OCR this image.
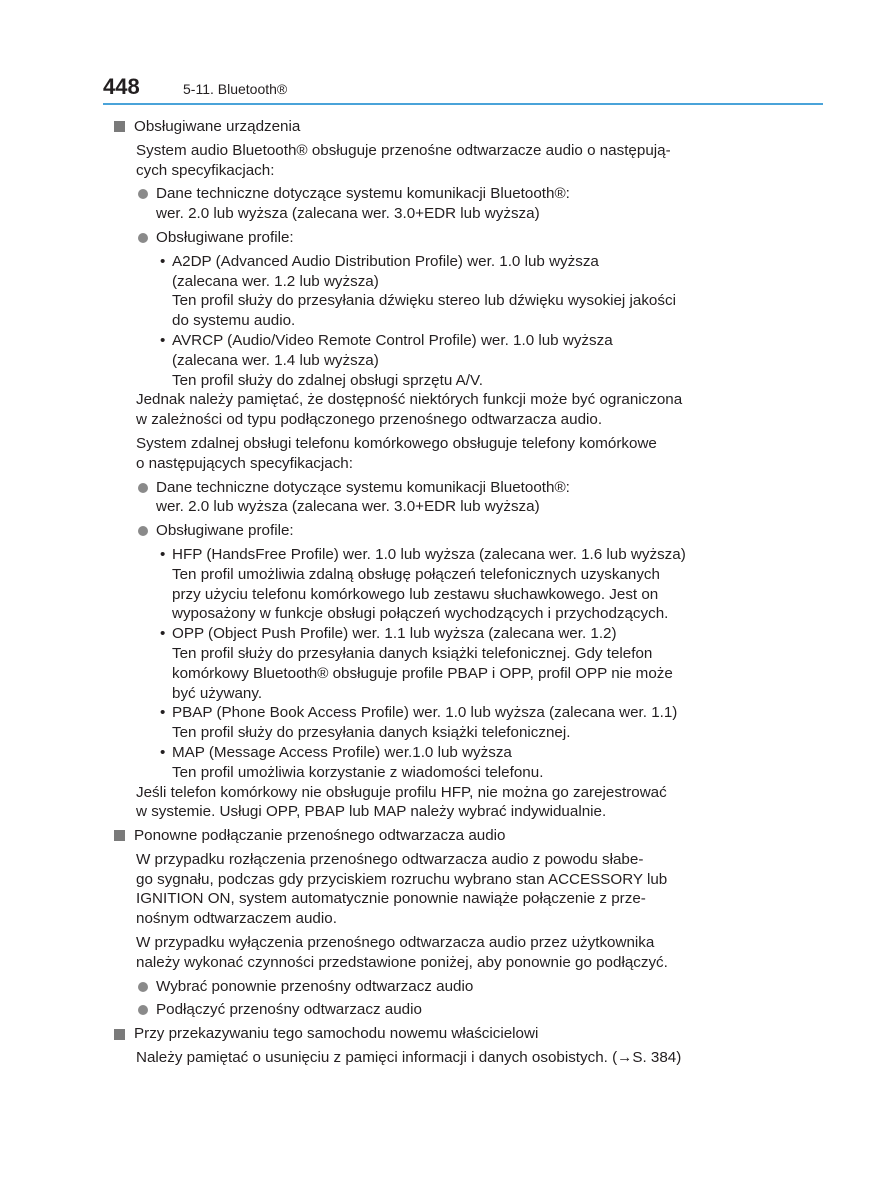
448	5-11. Bluetooth®

Obsługiwane urządzenia

System audio Bluetooth® obsługuje przenośne odtwarzacze audio o następują-
cych specyfikacjach:

Dane techniczne dotyczące systemu komunikacji Bluetooth®:
wer. 2.0 lub wyższa (zalecana wer. 3.0+EDR lub wyższa)

Obsługiwane profile:

• A2DP (Advanced Audio Distribution Profile) wer. 1.0 lub wyższa
(zalecana wer. 1.2 lub wyższa)
Ten profil służy do przesyłania dźwięku stereo lub dźwięku wysokiej jakości
do systemu audio.

• AVRCP (Audio/Video Remote Control Profile) wer. 1.0 lub wyższa
(zalecana wer. 1.4 lub wyższa)
Ten profil służy do zdalnej obsługi sprzętu A/V.

Jednak należy pamiętać, że dostępność niektórych funkcji może być ograniczona
w zależności od typu podłączonego przenośnego odtwarzacza audio.

System zdalnej obsługi telefonu komórkowego obsługuje telefony komórkowe
o następujących specyfikacjach:

Dane techniczne dotyczące systemu komunikacji Bluetooth®:
wer. 2.0 lub wyższa (zalecana wer. 3.0+EDR lub wyższa)

Obsługiwane profile:

• HFP (HandsFree Profile) wer. 1.0 lub wyższa (zalecana wer. 1.6 lub wyższa)
Ten profil umożliwia zdalną obsługę połączeń telefonicznych uzyskanych
przy użyciu telefonu komórkowego lub zestawu słuchawkowego. Jest on
wyposażony w funkcje obsługi połączeń wychodzących i przychodzących.

• OPP (Object Push Profile) wer. 1.1 lub wyższa (zalecana wer. 1.2)
Ten profil służy do przesyłania danych książki telefonicznej. Gdy telefon
komórkowy Bluetooth® obsługuje profile PBAP i OPP, profil OPP nie może
być używany.

• PBAP (Phone Book Access Profile) wer. 1.0 lub wyższa (zalecana wer. 1.1)
Ten profil służy do przesyłania danych książki telefonicznej.

• MAP (Message Access Profile) wer.1.0 lub wyższa
Ten profil umożliwia korzystanie z wiadomości telefonu.

Jeśli telefon komórkowy nie obsługuje profilu HFP, nie można go zarejestrować
w systemie. Usługi OPP, PBAP lub MAP należy wybrać indywidualnie.

Ponowne podłączanie przenośnego odtwarzacza audio

W przypadku rozłączenia przenośnego odtwarzacza audio z powodu słabe-
go sygnału, podczas gdy przyciskiem rozruchu wybrano stan ACCESSORY lub
IGNITION ON, system automatycznie ponownie nawiąże połączenie z prze-
nośnym odtwarzaczem audio.

W przypadku wyłączenia przenośnego odtwarzacza audio przez użytkownika
należy wykonać czynności przedstawione poniżej, aby ponownie go podłączyć.

Wybrać ponownie przenośny odtwarzacz audio

Podłączyć przenośny odtwarzacz audio

Przy przekazywaniu tego samochodu nowemu właścicielowi

Należy pamiętać o usunięciu z pamięci informacji i danych osobistych. (→S. 384)
